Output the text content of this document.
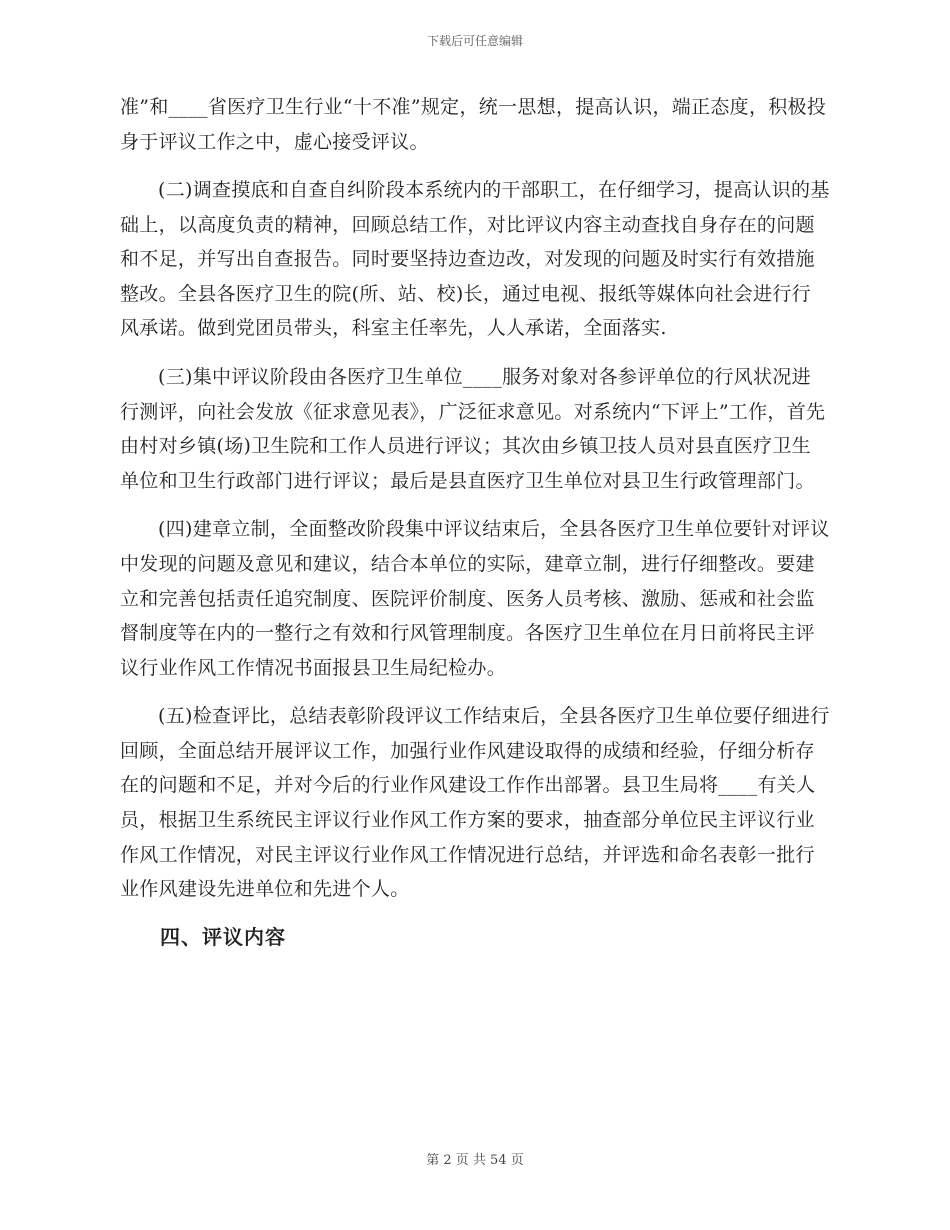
下载后可任意编辑

准”和____省医疗卫生行业“十不准”规定，统一思想，提高认识，端正态度，积极投身于评议工作之中，虚心接受评议。

(二)调查摸底和自查自纠阶段本系统内的干部职工，在仔细学习，提高认识的基础上，以高度负责的精神，回顾总结工作，对比评议内容主动查找自身存在的问题和不足，并写出自查报告。同时要坚持边查边改，对发现的问题及时实行有效措施整改。全县各医疗卫生的院(所、站、校)长，通过电视、报纸等媒体向社会进行行风承诺。做到党团员带头，科室主任率先，人人承诺，全面落实.

(三)集中评议阶段由各医疗卫生单位____服务对象对各参评单位的行风状况进行测评，向社会发放《征求意见表》，广泛征求意见。对系统内“下评上”工作，首先由村对乡镇(场)卫生院和工作人员进行评议；其次由乡镇卫技人员对县直医疗卫生单位和卫生行政部门进行评议；最后是县直医疗卫生单位对县卫生行政管理部门。

(四)建章立制，全面整改阶段集中评议结束后，全县各医疗卫生单位要针对评议中发现的问题及意见和建议，结合本单位的实际，建章立制，进行仔细整改。要建立和完善包括责任追究制度、医院评价制度、医务人员考核、激励、惩戒和社会监督制度等在内的一整行之有效和行风管理制度。各医疗卫生单位在月日前将民主评议行业作风工作情况书面报县卫生局纪检办。

(五)检查评比，总结表彰阶段评议工作结束后，全县各医疗卫生单位要仔细进行回顾，全面总结开展评议工作，加强行业作风建设取得的成绩和经验，仔细分析存在的问题和不足，并对今后的行业作风建设工作作出部署。县卫生局将____有关人员，根据卫生系统民主评议行业作风工作方案的要求，抽查部分单位民主评议行业作风工作情况，对民主评议行业作风工作情况进行总结，并评选和命名表彰一批行业作风建设先进单位和先进个人。

四、评议内容
第 2 页 共 54 页
